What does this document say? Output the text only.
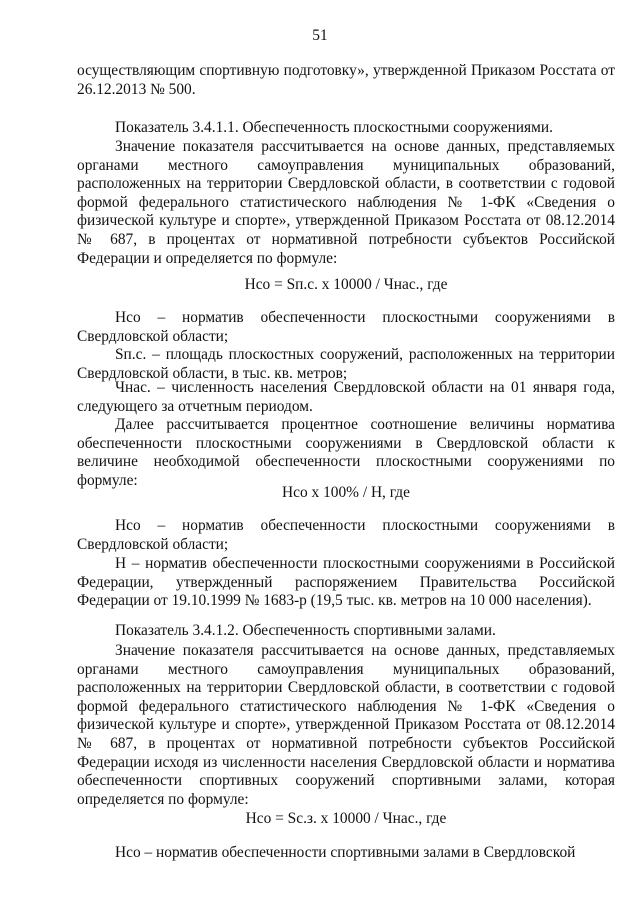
51
осуществляющим спортивную подготовку», утвержденной Приказом Росстата от 26.12.2013 № 500.
Показатель 3.4.1.1. Обеспеченность плоскостными сооружениями.
Значение показателя рассчитывается на основе данных, представляемых органами местного самоуправления муниципальных образований, расположенных на территории Свердловской области, в соответствии с годовой формой федерального статистического наблюдения № 1-ФК «Сведения о физической культуре и спорте», утвержденной Приказом Росстата от 08.12.2014 № 687, в процентах от нормативной потребности субъектов Российской Федерации и определяется по формуле:
Нсо = Sп.с. x 10000 / Чнас., где
Нсо – норматив обеспеченности плоскостными сооружениями в Свердловской области;
Sп.с. – площадь плоскостных сооружений, расположенных на территории Свердловской области, в тыс. кв. метров;
Чнас. – численность населения Свердловской области на 01 января года, следующего за отчетным периодом.
Далее рассчитывается процентное соотношение величины норматива обеспеченности плоскостными сооружениями в Свердловской области к величине необходимой обеспеченности плоскостными сооружениями по формуле:
Нсо x 100% / Н, где
Нсо – норматив обеспеченности плоскостными сооружениями в Свердловской области;
Н – норматив обеспеченности плоскостными сооружениями в Российской Федерации, утвержденный распоряжением Правительства Российской Федерации от 19.10.1999 № 1683-р (19,5 тыс. кв. метров на 10 000 населения).
Показатель 3.4.1.2. Обеспеченность спортивными залами.
Значение показателя рассчитывается на основе данных, представляемых органами местного самоуправления муниципальных образований, расположенных на территории Свердловской области, в соответствии с годовой формой федерального статистического наблюдения № 1-ФК «Сведения о физической культуре и спорте», утвержденной Приказом Росстата от 08.12.2014 № 687, в процентах от нормативной потребности субъектов Российской Федерации исходя из численности населения Свердловской области и норматива обеспеченности спортивных сооружений спортивными залами, которая определяется по формуле:
Нсо = Sс.з. x 10000 / Чнас., где
Нсо – норматив обеспеченности спортивными залами в Свердловской
